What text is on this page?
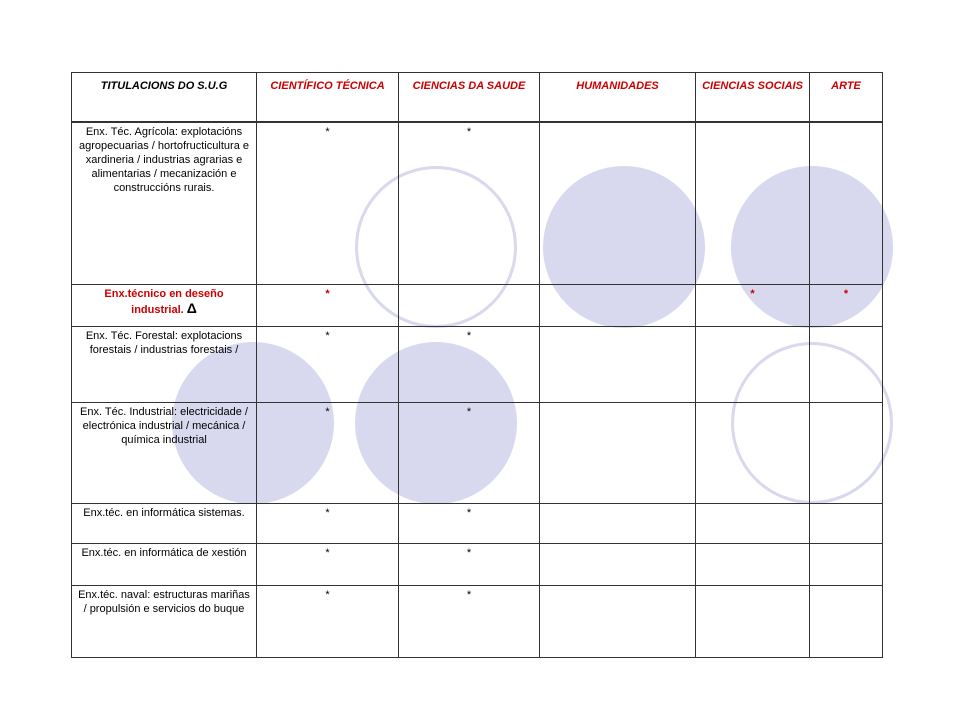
TITULACIONS DO S.U.G	CIENTÍFICO TÉCNICA	CIENCIAS DA SAUDE	HUMANIDADES	CIENCIAS SOCIAIS	ARTE
Enx. Téc. Agrícola: explotacións agropecuarias / hortofructicultura e xardineria / industrias agrarias e alimentarias / mecanización e construccións rurais.	*	*			
Enx.técnico en deseño industrial. Δ	*			*	*
Enx. Téc. Forestal: explotacions forestais / industrias forestais /	*	*			
Enx. Téc. Industrial: electricidade / electrónica industrial / mecánica / química industrial	*	*			
Enx.téc. en informática sistemas.	*	*			
Enx.téc. en informática de xestión	*	*			
Enx.téc. naval: estructuras mariñas / propulsión e servicios do buque	*	*			
